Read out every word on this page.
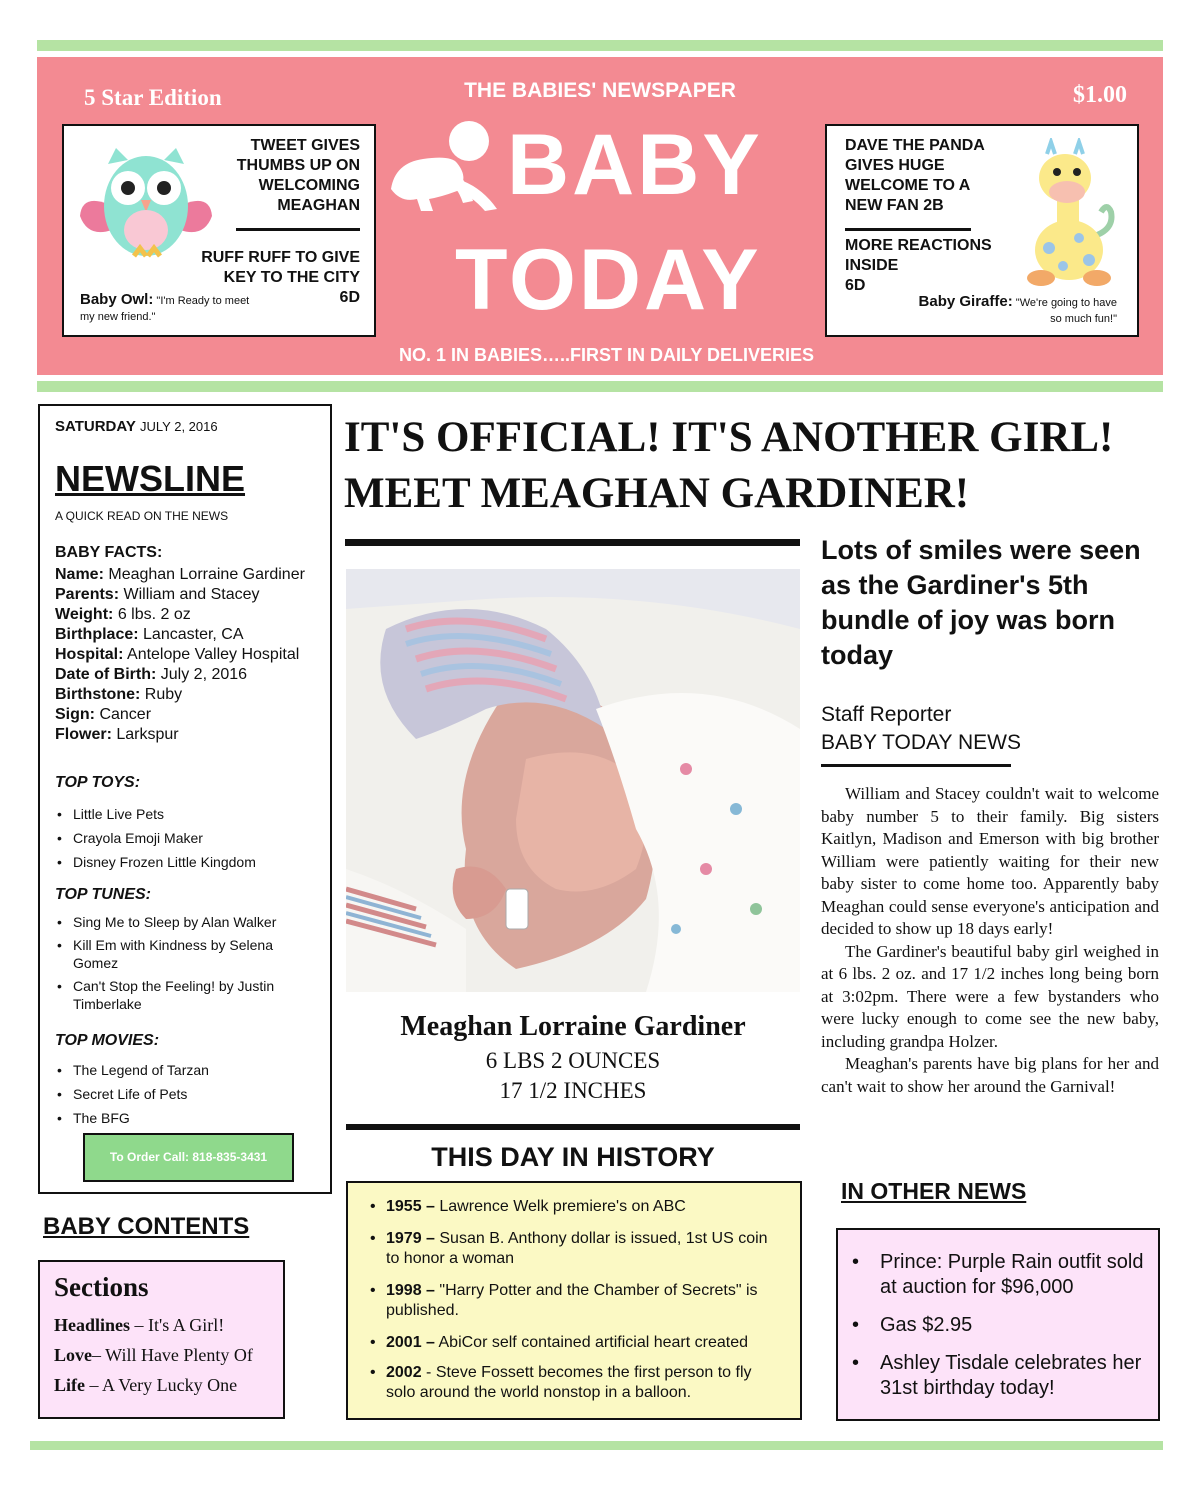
5 Star Edition	THE BABIES' NEWSPAPER	$1.00
TWEET GIVES THUMBS UP ON WELCOMING MEAGHAN
RUFF RUFF TO GIVE KEY TO THE CITY
6D
Baby Owl: "I'm Ready to meet my new friend."
BABY
TODAY
DAVE THE PANDA GIVES HUGE WELCOME TO A NEW FAN 2B
MORE REACTIONS INSIDE
6D
Baby Giraffe: "We're going to have so much fun!"
NO. 1 IN BABIES…..FIRST IN DAILY DELIVERIES
SATURDAY JULY 2, 2016
NEWSLINE
A QUICK READ ON THE NEWS
BABY FACTS:
Name: Meaghan Lorraine Gardiner
Parents: William and Stacey
Weight: 6 lbs. 2 oz
Birthplace: Lancaster, CA
Hospital: Antelope Valley Hospital
Date of Birth: July 2, 2016
Birthstone: Ruby
Sign: Cancer
Flower: Larkspur
TOP TOYS:
• Little Live Pets
• Crayola Emoji Maker
• Disney Frozen Little Kingdom
TOP TUNES:
• Sing Me to Sleep by Alan Walker
• Kill Em with Kindness by Selena Gomez
• Can't Stop the Feeling! by Justin Timberlake
TOP MOVIES:
• The Legend of Tarzan
• Secret Life of Pets
• The BFG
To Order Call: 818-835-3431
BABY CONTENTS
Sections
Headlines – It's A Girl!
Love– Will Have Plenty Of
Life – A Very Lucky One
IT'S OFFICIAL! IT'S ANOTHER GIRL!
MEET MEAGHAN GARDINER!
Meaghan Lorraine Gardiner
6 LBS 2 OUNCES
17 1/2 INCHES
THIS DAY IN HISTORY
• 1955 – Lawrence Welk premiere's on ABC
• 1979 – Susan B. Anthony dollar is issued, 1st US coin to honor a woman
• 1998 – "Harry Potter and the Chamber of Secrets" is published.
• 2001 – AbiCor self contained artificial heart created
• 2002 - Steve Fossett becomes the first person to fly solo around the world nonstop in a balloon.
Lots of smiles were seen as the Gardiner's 5th bundle of joy was born today
Staff Reporter
BABY TODAY NEWS

William and Stacey couldn't wait to welcome baby number 5 to their family. Big sisters Kaitlyn, Madison and Emerson with big brother William were patiently waiting for their new baby sister to come home too. Apparently baby Meaghan could sense everyone's anticipation and decided to show up 18 days early!

The Gardiner's beautiful baby girl weighed in at 6 lbs. 2 oz. and 17 1/2 inches long being born at 3:02pm. There were a few bystanders who were lucky enough to come see the new baby, including grandpa Holzer.

Meaghan's parents have big plans for her and can't wait to show her around the Garnival!

IN OTHER NEWS
• Prince: Purple Rain outfit sold at auction for $96,000
• Gas $2.95
• Ashley Tisdale celebrates her 31st birthday today!
